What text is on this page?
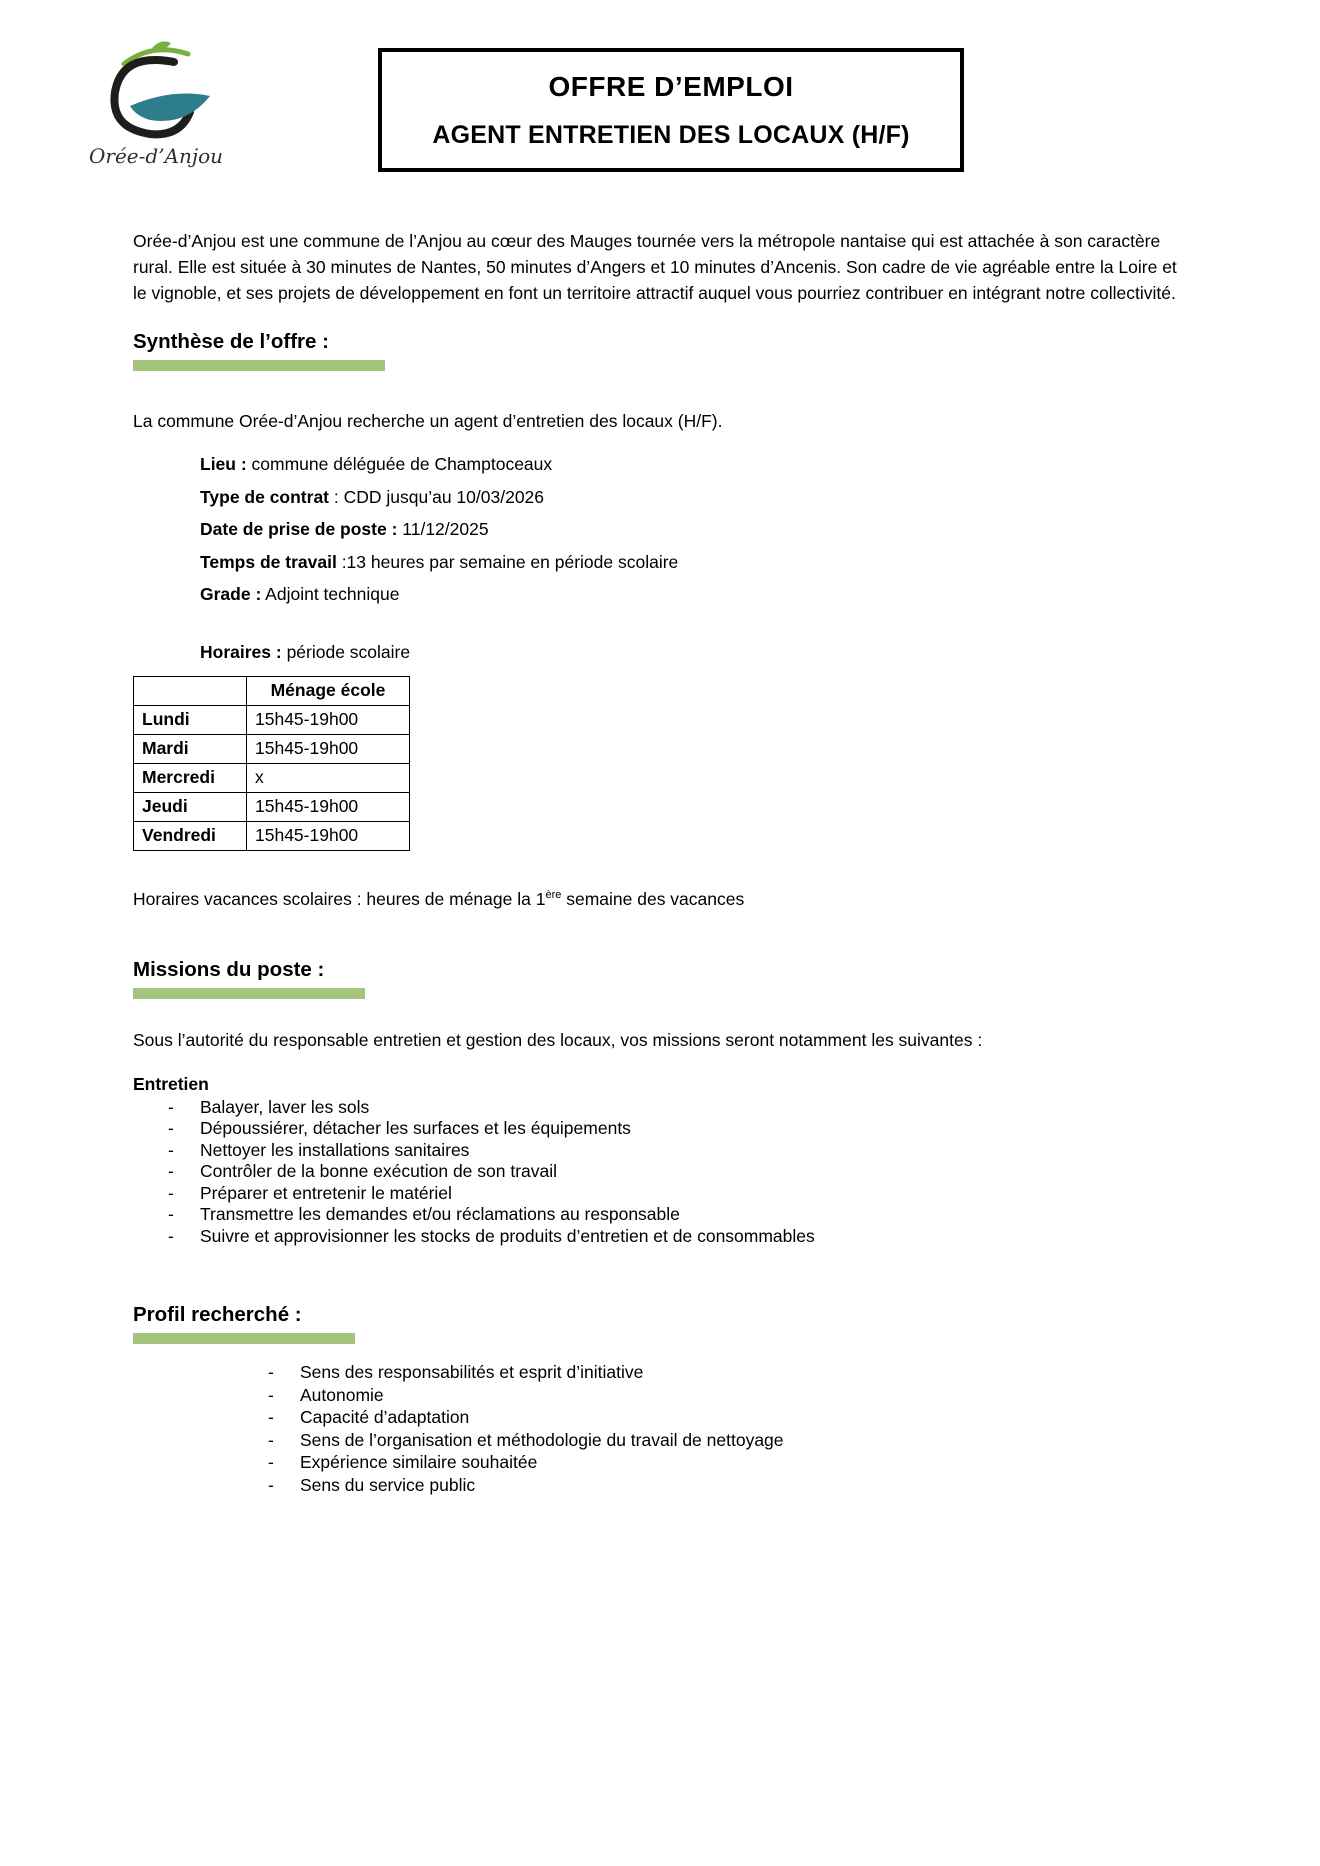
Orée-d’Anjou
OFFRE D’EMPLOI
AGENT ENTRETIEN DES LOCAUX (H/F)

Orée-d’Anjou est une commune de l’Anjou au cœur des Mauges tournée vers la métropole nantaise qui est attachée à son caractère rural. Elle est située à 30 minutes de Nantes, 50 minutes d’Angers et 10 minutes d’Ancenis. Son cadre de vie agréable entre la Loire et le vignoble, et ses projets de développement en font un territoire attractif auquel vous pourriez contribuer en intégrant notre collectivité.

Synthèse de l’offre :

La commune Orée-d’Anjou recherche un agent d’entretien des locaux (H/F).

Lieu : commune déléguée de Champtoceaux
Type de contrat : CDD jusqu’au 10/03/2026
Date de prise de poste : 11/12/2025
Temps de travail :13 heures par semaine en période scolaire
Grade : Adjoint technique
Horaires : période scolaire
	Ménage école
Lundi	15h45-19h00
Mardi	15h45-19h00
Mercredi	x
Jeudi	15h45-19h00
Vendredi	15h45-19h00

Horaires vacances scolaires : heures de ménage la 1ère semaine des vacances

Missions du poste :

Sous l’autorité du responsable entretien et gestion des locaux, vos missions seront notamment les suivantes :

Entretien
- Balayer, laver les sols
- Dépoussiérer, détacher les surfaces et les équipements
- Nettoyer les installations sanitaires
- Contrôler de la bonne exécution de son travail
- Préparer et entretenir le matériel
- Transmettre les demandes et/ou réclamations au responsable
- Suivre et approvisionner les stocks de produits d’entretien et de consommables
Profil recherché :
- Sens des responsabilités et esprit d’initiative
- Autonomie
- Capacité d’adaptation
- Sens de l’organisation et méthodologie du travail de nettoyage
- Expérience similaire souhaitée
- Sens du service public
